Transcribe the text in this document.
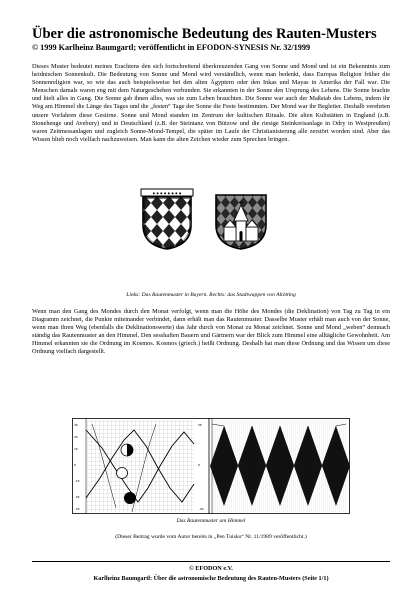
Über die astronomische Bedeutung des Rauten-Musters
© 1999 Karlheinz Baumgartl; veröffentlicht in EFODON-SYNESIS Nr. 32/1999

Dieses Muster bedeutet meines Erachtens den sich fortschreitend überkreuzenden Gang von Sonne und Mond und ist ein Bekenntnis zum heidnischen Sonnenkult. Die Bedeutung von Sonne und Mond wird verständlich, wenn man bedenkt, dass Europas Religion früher die Sonnenreligion war, so wie das auch beispielsweise bei den alten Ägyptern oder den Inkas und Mayas in Amerika der Fall war. Die Menschen damals waren eng mit dem Naturgeschehen verbunden. Sie erkannten in der Sonne den Ursprung des Lebens. Die Sonne brachte und hielt alles in Gang. Die Sonne gab ihnen alles, was sie zum Leben brauchten. Die Sonne war auch der Maßstab des Lebens, indem ihr Weg am Himmel die Länge des Tages und die „festen“ Tage der Sonne die Feste bestimmten. Der Mond war ihr Begleiter. Deshalb verehrten unsere Vorfahren diese Gestirne. Sonne und Mond standen im Zentrum der kultischen Rituale. Die alten Kultstätten in England (z.B. Stonehenge und Avebury) und in Deutschland (z.B. der Steintanz von Bützow und die riesige Steinkreisanlage in Odry in Westpreußen) waren Zeitmessanlagen und zugleich Sonne-Mond-Tempel, die später im Laufe der Christianisierung alle zerstört worden sind. Aber das Wissen blieb noch vielfach nachzuweisen. Man kann die alten Zeichen wieder zum Sprechen bringen.

● ● ● ● ● ● ● ●
Links: Das Rautenmuster in Bayern. Rechts: das Stadtwappen von Altötting

Wenn man den Gang des Mondes durch den Monat verfolgt, wenn man die Höhe des Mondes (die Deklination) von Tag zu Tag in ein Diagramm zeichnet, die Punkte miteinander verbindet, dann erhält man das Rautenmuster. Dasselbe Muster erhält man auch von der Sonne, wenn man ihren Weg (ebenfalls die Deklinationswerte) das Jahr durch von Monat zu Monat zeichnet. Sonne und Mond „weben“ demnach ständig das Rautenmuster an den Himmel. Den sesshaften Bauern und Gärtnern war der Blick zum Himmel eine alltägliche Gewohnheit. Am Himmel erkannten sie die Ordnung im Kosmos. Kosmos (griech.) heißt Ordnung. Deshalb hat man diese Ordnung und das Wissen um diese Ordnung vielfach dargestellt.

30
20
10
0
-10
-20
-30
30
0
-30
Das Rautenmuster am Himmel
(Dieser Beitrag wurde vom Autor bereits in „Pen Tuisko“ Nr. 11/1989 veröffentlicht.)
© EFODON e.V.
Karlheinz Baumgartl: Über die astronomische Bedeutung des Rauten-Musters (Seite 1/1)
